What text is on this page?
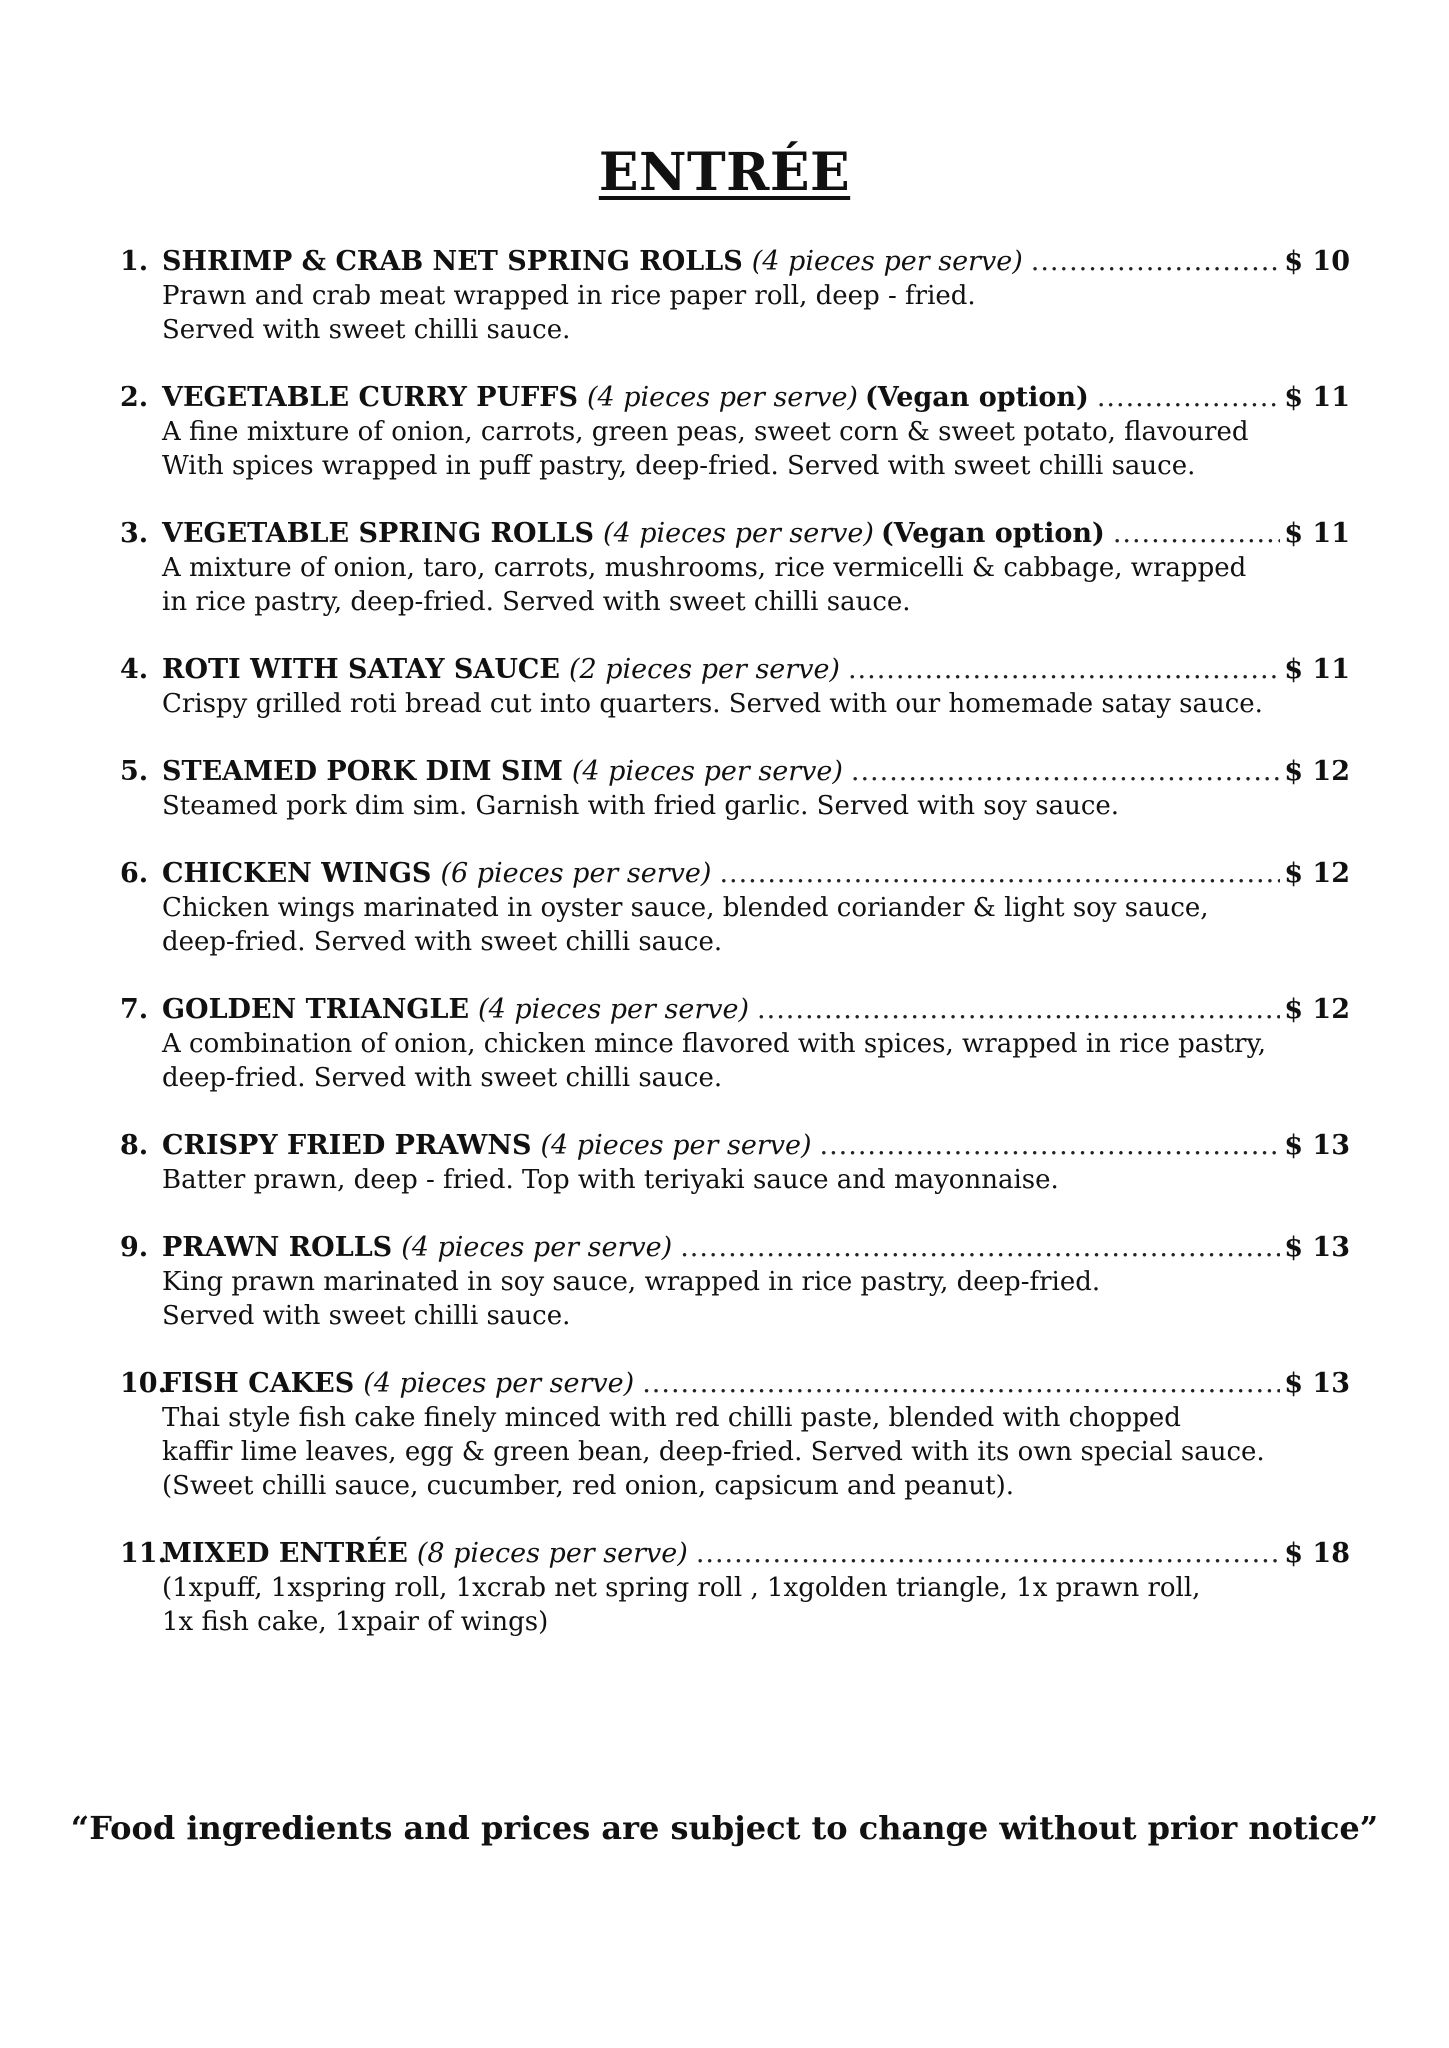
ENTRÉE
1. SHRIMP & CRAB NET SPRING ROLLS (4 pieces per serve) .....	$ 10
Prawn and crab meat wrapped in rice paper roll, deep - fried.
Served with sweet chilli sauce.
2. VEGETABLE CURRY PUFFS (4 pieces per serve) (Vegan option) .....	$ 11
A fine mixture of onion, carrots, green peas, sweet corn & sweet potato, flavoured
With spices wrapped in puff pastry, deep-fried. Served with sweet chilli sauce.
3. VEGETABLE SPRING ROLLS (4 pieces per serve) (Vegan option) .....	$ 11
A mixture of onion, taro, carrots, mushrooms, rice vermicelli & cabbage, wrapped
in rice pastry, deep-fried. Served with sweet chilli sauce.
4. ROTI WITH SATAY SAUCE (2 pieces per serve) .....	$ 11
Crispy grilled roti bread cut into quarters. Served with our homemade satay sauce.
5. STEAMED PORK DIM SIM (4 pieces per serve) .....	$ 12
Steamed pork dim sim. Garnish with fried garlic. Served with soy sauce.
6. CHICKEN WINGS (6 pieces per serve) .....	$ 12
Chicken wings marinated in oyster sauce, blended coriander & light soy sauce,
deep-fried. Served with sweet chilli sauce.
7. GOLDEN TRIANGLE (4 pieces per serve) .....	$ 12
A combination of onion, chicken mince flavored with spices, wrapped in rice pastry,
deep-fried. Served with sweet chilli sauce.
8. CRISPY FRIED PRAWNS (4 pieces per serve) .....	$ 13
Batter prawn, deep - fried. Top with teriyaki sauce and mayonnaise.
9. PRAWN ROLLS (4 pieces per serve) .....	$ 13
King prawn marinated in soy sauce, wrapped in rice pastry, deep-fried.
Served with sweet chilli sauce.
10.
FISH CAKES (4 pieces per serve) .....	$ 13
Thai style fish cake finely minced with red chilli paste, blended with chopped
kaffir lime leaves, egg & green bean, deep-fried. Served with its own special sauce.
(Sweet chilli sauce, cucumber, red onion, capsicum and peanut).
11.
MIXED ENTRÉE (8 pieces per serve) .....	$ 18
(1xpuff, 1xspring roll, 1xcrab net spring roll , 1xgolden triangle, 1x prawn roll,
1x fish cake, 1xpair of wings)
“Food ingredients and prices are subject to change without prior notice”
